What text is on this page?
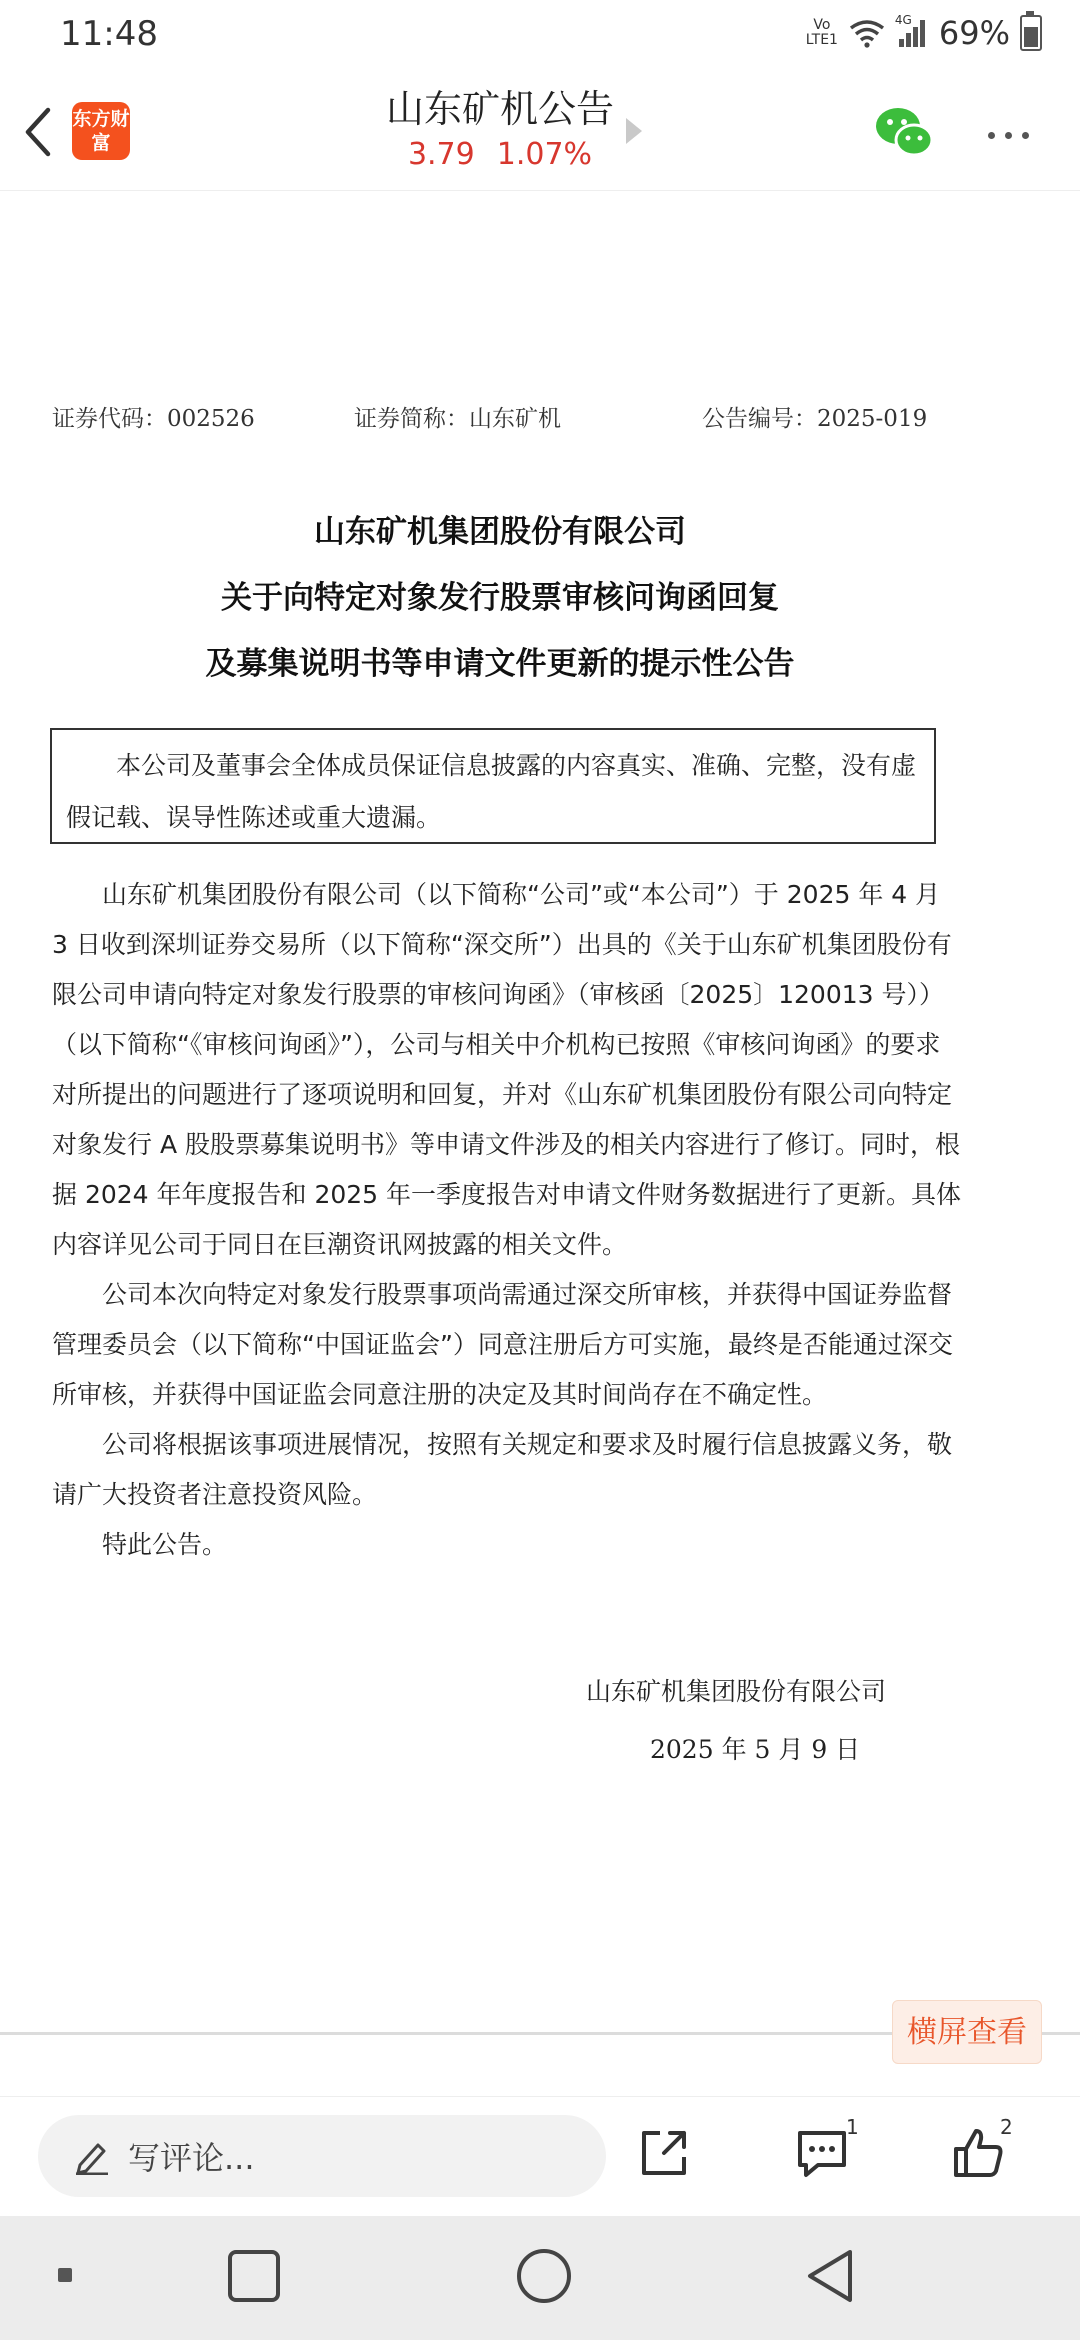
11:48	Vo LTE1
4G 69%
东方财富
山东矿机公告
3.79 1.07%
证券代码：002526	证券简称：山东矿机	公告编号：2025-019
山东矿机集团股份有限公司
关于向特定对象发行股票审核问询函回复
及募集说明书等申请文件更新的提示性公告

本公司及董事会全体成员保证信息披露的内容真实、准确、完整，没有虚假记载、误导性陈述或重大遗漏。

山东矿机集团股份有限公司（以下简称“公司”或“本公司”）于 2025 年 4 月 3 日收到深圳证券交易所（以下简称“深交所”）出具的《关于山东矿机集团股份有限公司申请向特定对象发行股票的审核问询函》（审核函〔2025〕120013 号））（以下简称“《审核问询函》”），公司与相关中介机构已按照《审核问询函》的要求对所提出的问题进行了逐项说明和回复，并对《山东矿机集团股份有限公司向特定对象发行 A 股股票募集说明书》等申请文件涉及的相关内容进行了修订。同时，根据 2024 年年度报告和 2025 年一季度报告对申请文件财务数据进行了更新。具体内容详见公司于同日在巨潮资讯网披露的相关文件。

公司本次向特定对象发行股票事项尚需通过深交所审核，并获得中国证券监督管理委员会（以下简称“中国证监会”）同意注册后方可实施，最终是否能通过深交所审核，并获得中国证监会同意注册的决定及其时间尚存在不确定性。

公司将根据该事项进展情况，按照有关规定和要求及时履行信息披露义务，敬请广大投资者注意投资风险。

特此公告。

山东矿机集团股份有限公司
2025 年 5 月 9 日
横屏查看
写评论...
1	2
